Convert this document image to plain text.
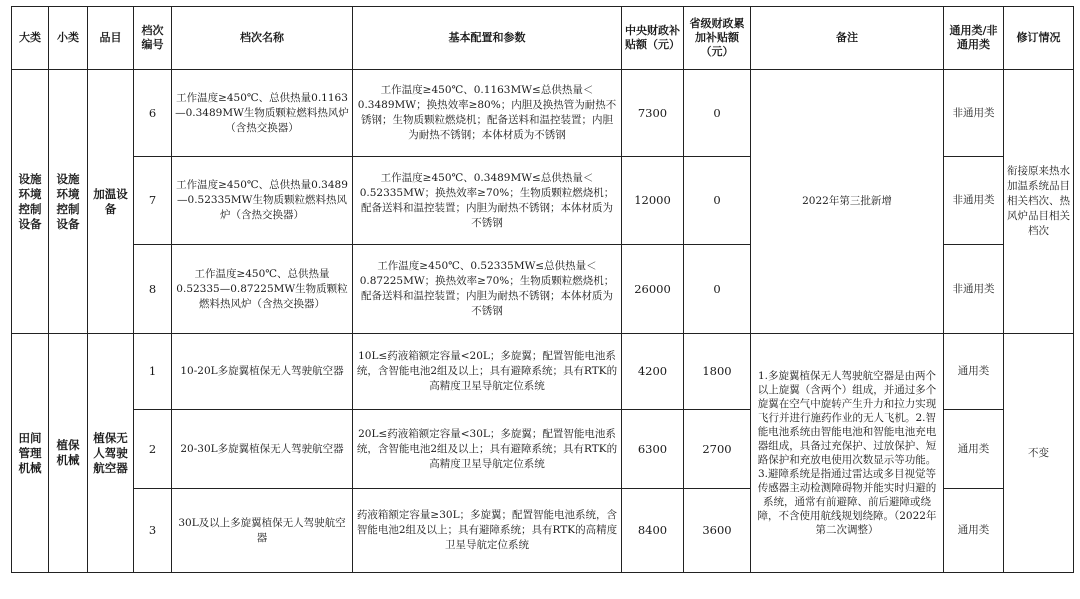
大类	小类	品目	档次编号	档次名称	基本配置和参数	中央财政补贴额（元）	省级财政累加补贴额（元）	备注	通用类/非通用类	修订情况
设施环境控制设备	设施环境控制设备	加温设备	6	工作温度≥450℃、总供热量0.1163—0.3489MW生物质颗粒燃料热风炉（含热交换器）	工作温度≥450℃、0.1163MW≤总供热量＜0.3489MW；换热效率≥80%；内胆及换热管为耐热不锈钢；生物质颗粒燃烧机；配备送料和温控装置；内胆为耐热不锈钢；本体材质为不锈钢	7300	0	2022年第三批新增	非通用类	衔接原来热水加温系统品目相关档次、热风炉品目相关档次
			7	工作温度≥450℃、总供热量0.3489—0.52335MW生物质颗粒燃料热风炉（含热交换器）	工作温度≥450℃、0.3489MW≤总供热量＜0.52335MW；换热效率≥70%；生物质颗粒燃烧机；配备送料和温控装置；内胆为耐热不锈钢；本体材质为不锈钢	12000	0		非通用类	
			8	工作温度≥450℃、总供热量0.52335—0.87225MW生物质颗粒燃料热风炉（含热交换器）	工作温度≥450℃、0.52335MW≤总供热量＜0.87225MW；换热效率≥70%；生物质颗粒燃烧机；配备送料和温控装置；内胆为耐热不锈钢；本体材质为不锈钢	26000	0		非通用类	
田间管理机械	植保机械	植保无人驾驶航空器	1	10-20L多旋翼植保无人驾驶航空器	10L≤药液箱额定容量<20L；多旋翼；配置智能电池系统，含智能电池2组及以上；具有避障系统；具有RTK的高精度卫星导航定位系统	4200	1800	1.多旋翼植保无人驾驶航空器是由两个以上旋翼（含两个）组成，并通过多个旋翼在空气中旋转产生升力和拉力实现飞行并进行施药作业的无人飞机。2.智能电池系统由智能电池和智能电池充电器组成，具备过充保护、过放保护、短路保护和充放电使用次数显示等功能。3.避障系统是指通过雷达或多目视觉等传感器主动检测障碍物并能实时归避的系统，通常有前避障、前后避障或绕障，不含使用航线规划绕障。（2022年第二次调整）	通用类	不变
			2	20-30L多旋翼植保无人驾驶航空器	20L≤药液箱额定容量<30L；多旋翼；配置智能电池系统，含智能电池2组及以上；具有避障系统；具有RTK的高精度卫星导航定位系统	6300	2700		通用类	
			3	30L及以上多旋翼植保无人驾驶航空器	药液箱额定容量≥30L；多旋翼；配置智能电池系统，含智能电池2组及以上；具有避障系统；具有RTK的高精度卫星导航定位系统	8400	3600		通用类	
